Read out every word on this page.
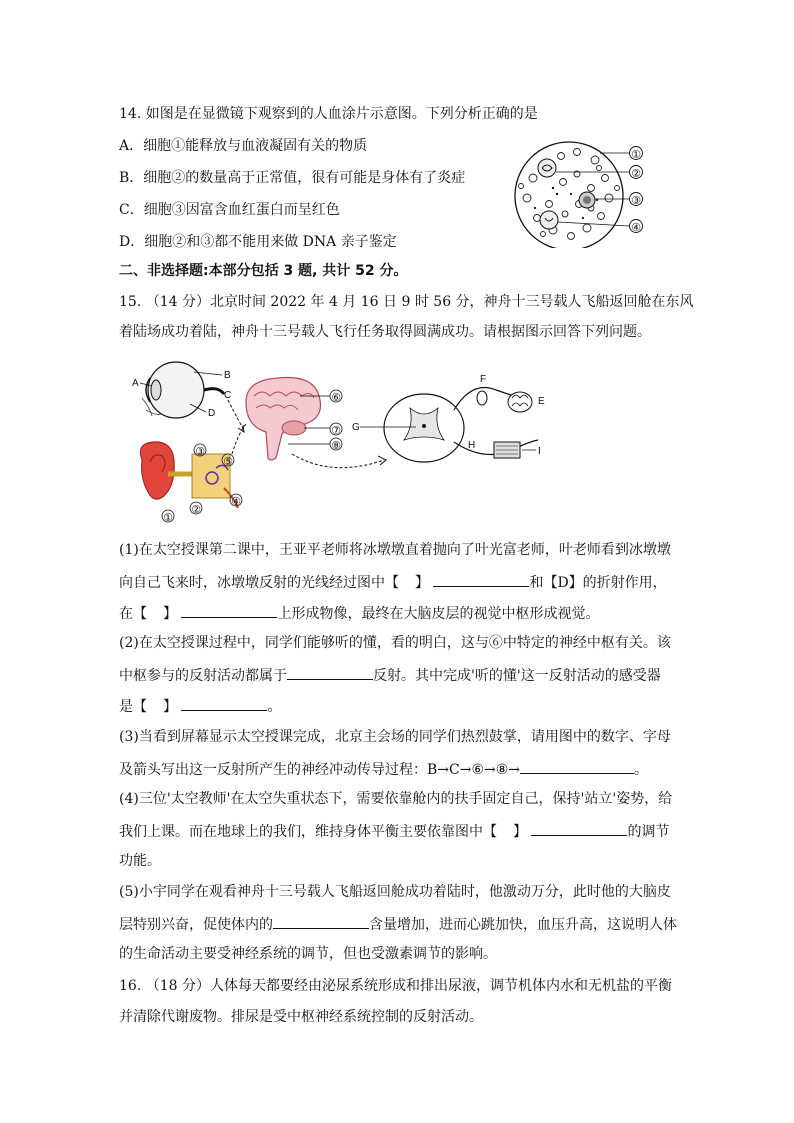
14. 如图是在显微镜下观察到的人血涂片示意图。下列分析正确的是
A．细胞①能释放与血液凝固有关的物质
B．细胞②的数量高于正常值，很有可能是身体有了炎症
C．细胞③因富含血红蛋白而呈红色
D．细胞②和③都不能用来做 DNA 亲子鉴定
①
②
③
④
二、非选择题:本部分包括 3 题, 共计 52 分。
15. （14 分）北京时间 2022 年 4 月 16 日 9 时 56 分，神舟十三号载人飞船返回舱在东风
着陆场成功着陆，神舟十三号载人飞行任务取得圆满成功。请根据图示回答下列问题。
A
B
C
D
⑥
⑦
⑧
③
⑤
④
②
①
G
F
H
E
I
(1)在太空授课第二课中，王亚平老师将冰墩墩直着抛向了叶光富老师，叶老师看到冰墩墩
向自己飞来时，冰墩墩反射的光线经过图中【 】	和【D】的折射作用，
在【 】	上形成物像，最终在大脑皮层的视觉中枢形成视觉。
(2)在太空授课过程中，同学们能够听的懂，看的明白，这与⑥中特定的神经中枢有关。该
中枢参与的反射活动都属于	反射。其中完成'听的懂'这一反射活动的感受器
是【 】	。
(3)当看到屏幕显示太空授课完成，北京主会场的同学们热烈鼓掌，请用图中的数字、字母
及箭头写出这一反射所产生的神经冲动传导过程：B→C→⑥→⑧→	。
(4)三位'太空教师'在太空失重状态下，需要依靠舱内的扶手固定自己，保持'站立'姿势，给
我们上课。而在地球上的我们，维持身体平衡主要依靠图中【 】	的调节
功能。
(5)小宇同学在观看神舟十三号载人飞船返回舱成功着陆时，他激动万分，此时他的大脑皮
层特别兴奋，促使体内的	含量增加，进而心跳加快，血压升高，这说明人体
的生命活动主要受神经系统的调节，但也受激素调节的影响。
16. （18 分）人体每天都要经由泌尿系统形成和排出尿液，调节机体内水和无机盐的平衡
并清除代谢废物。排尿是受中枢神经系统控制的反射活动。
